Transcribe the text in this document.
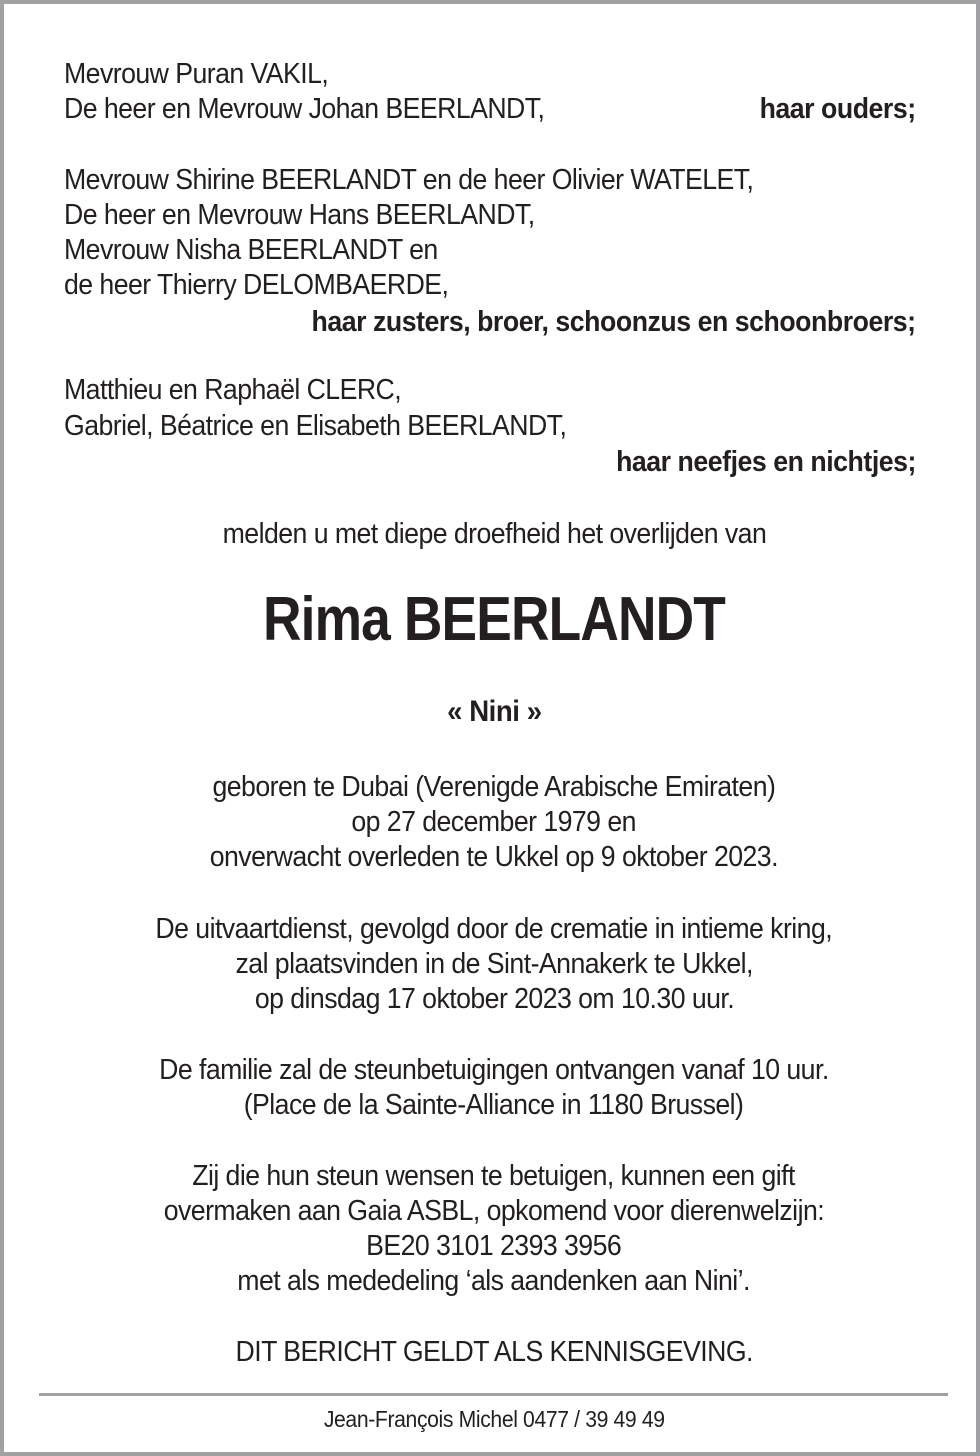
Mevrouw Puran VAKIL,
De heer en Mevrouw Johan BEERLANDT,	haar ouders;
Mevrouw Shirine BEERLANDT en de heer Olivier WATELET,
De heer en Mevrouw Hans BEERLANDT,
Mevrouw Nisha BEERLANDT en
de heer Thierry DELOMBAERDE,
haar zusters, broer, schoonzus en schoonbroers;
Matthieu en Raphaël CLERC,
Gabriel, Béatrice en Elisabeth BEERLANDT,
haar neefjes en nichtjes;
melden u met diepe droefheid het overlijden van
Rima BEERLANDT
« Nini »
geboren te Dubai (Verenigde Arabische Emiraten)
op 27 december 1979 en
onverwacht overleden te Ukkel op 9 oktober 2023.
De uitvaartdienst, gevolgd door de crematie in intieme kring,
zal plaatsvinden in de Sint-Annakerk te Ukkel,
op dinsdag 17 oktober 2023 om 10.30 uur.
De familie zal de steunbetuigingen ontvangen vanaf 10 uur.
(Place de la Sainte-Alliance in 1180 Brussel)
Zij die hun steun wensen te betuigen, kunnen een gift
overmaken aan Gaia ASBL, opkomend voor dierenwelzijn:
BE20 3101 2393 3956
met als mededeling ‘als aandenken aan Nini’.
DIT BERICHT GELDT ALS KENNISGEVING.
Jean-François Michel 0477 / 39 49 49
